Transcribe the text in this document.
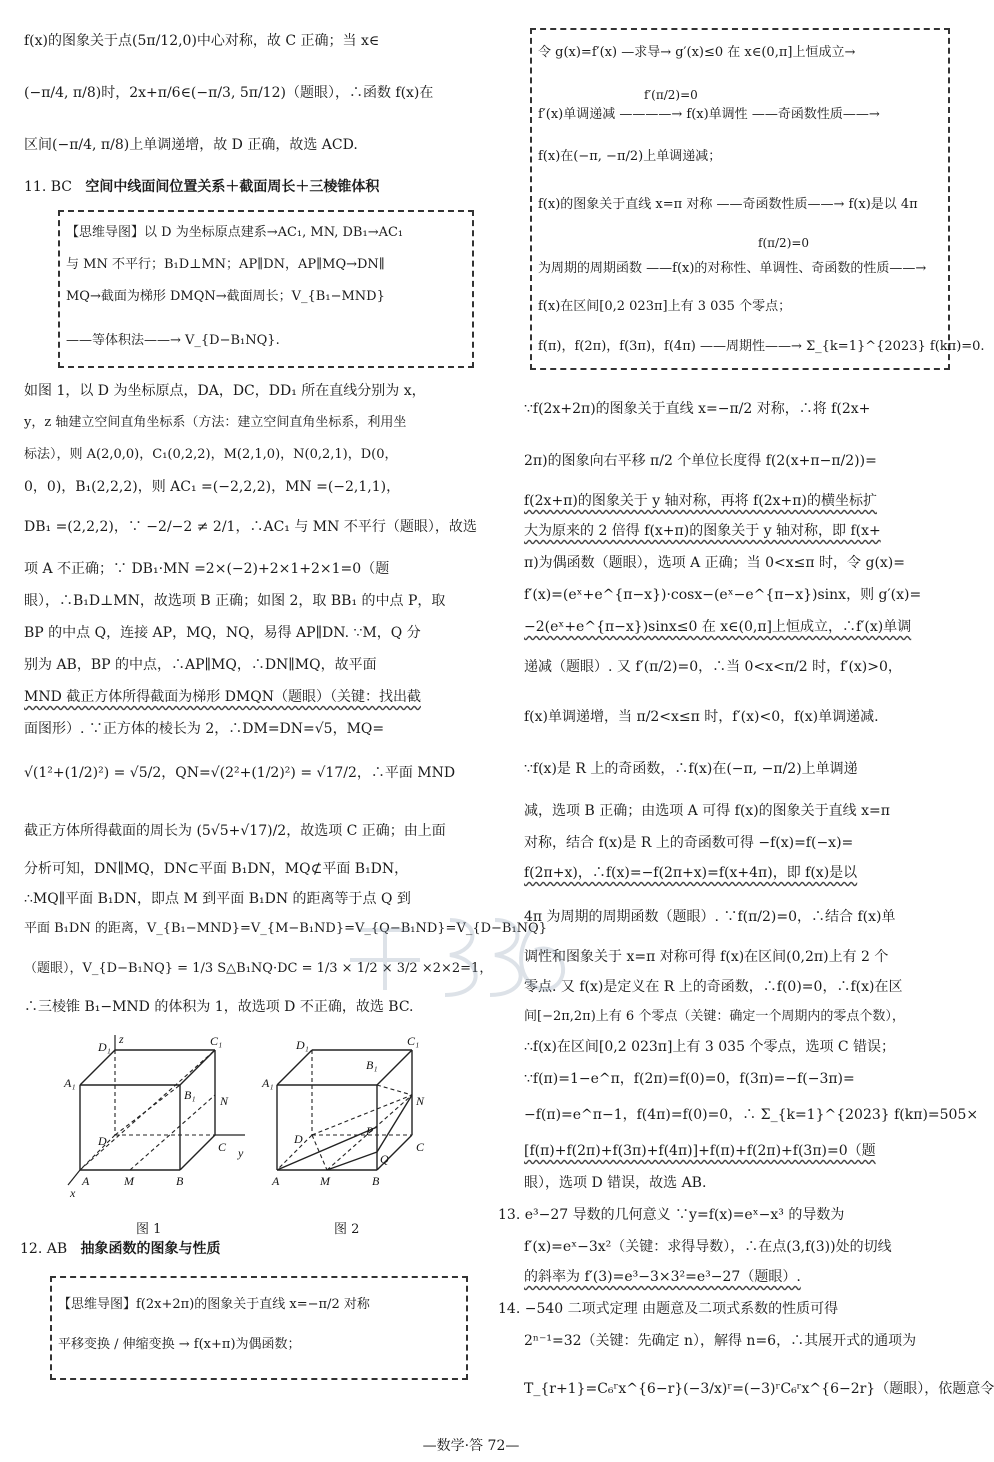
f(x)的图象关于点(5π/12,0)中心对称，故 C 正确；当 x∈
(−π/4, π/8)时，2x+π/6∈(−π/3, 5π/12)（题眼），∴函数 f(x)在
区间(−π/4, π/8)上单调递增，故 D 正确，故选 ACD.
11. BC 空间中线面间位置关系＋截面周长＋三棱锥体积
【思维导图】以 D 为坐标原点建系→AC₁, MN, DB₁→AC₁
与 MN 不平行；B₁D⊥MN；AP∥DN，AP∥MQ→DN∥
MQ→截面为梯形 DMQN→截面周长；V_{B₁−MND}
——等体积法——→ V_{D−B₁NQ}.
如图 1，以 D 为坐标原点，DA，DC，DD₁ 所在直线分别为 x，
y，z 轴建立空间直角坐标系（方法：建立空间直角坐标系，利用坐
标法），则 A(2,0,0)，C₁(0,2,2)，M(2,1,0)，N(0,2,1)，D(0，
0，0)，B₁(2,2,2)，则 AC₁ =(−2,2,2)，MN =(−2,1,1)，
DB₁ =(2,2,2)，∵ −2/−2 ≠ 2/1，∴AC₁ 与 MN 不平行（题眼），故选
项 A 不正确；∵ DB₁·MN =2×(−2)+2×1+2×1=0（题
眼），∴B₁D⊥MN，故选项 B 正确；如图 2，取 BB₁ 的中点 P，取
BP 的中点 Q，连接 AP，MQ，NQ，易得 AP∥DN. ∵M，Q 分
别为 AB，BP 的中点，∴AP∥MQ，∴DN∥MQ，故平面
MND 截正方体所得截面为梯形 DMQN（题眼）（关键：找出截
面图形）. ∵正方体的棱长为 2，∴DM=DN=√5，MQ=
√(1²+(1/2)²) = √5/2，QN=√(2²+(1/2)²) = √17/2，∴平面 MND
截正方体所得截面的周长为 (5√5+√17)/2，故选项 C 正确；由上面
分析可知，DN∥MQ，DN⊂平面 B₁DN，MQ⊄平面 B₁DN，
∴MQ∥平面 B₁DN，即点 M 到平面 B₁DN 的距离等于点 Q 到
平面 B₁DN 的距离，V_{B₁−MND}=V_{M−B₁ND}=V_{Q−B₁ND}=V_{D−B₁NQ}
（题眼），V_{D−B₁NQ} = 1/3 S△B₁NQ·DC = 1/3 × 1/2 × 3/2 ×2×2=1，
∴三棱锥 B₁−MND 的体积为 1，故选项 D 不正确，故选 BC.
z
D₁	C₁
A₁
B₁ N
D	C y
A	M	B
x
图 1
D₁	C₁
B₁
A₁
N
D
C
P
Q
A	M	B
图 2
12. AB 抽象函数的图象与性质
【思维导图】f(2x+2π)的图象关于直线 x=−π/2 对称
平移变换 / 伸缩变换 → f(x+π)为偶函数；
令 g(x)=f′(x) —求导→ g′(x)≤0 在 x∈(0,π]上恒成立→
f′(π/2)=0
f′(x)单调递减 ————→ f(x)单调性 ——奇函数性质——→
f(x)在(−π, −π/2)上单调递减；
f(x)的图象关于直线 x=π 对称 ——奇函数性质——→ f(x)是以 4π
f(π/2)=0
为周期的周期函数 ——f(x)的对称性、单调性、奇函数的性质——→
f(x)在区间[0,2 023π]上有 3 035 个零点；
f(π)，f(2π)，f(3π)，f(4π) ——周期性——→ Σ_{k=1}^{2023} f(kπ)=0.
∵f(2x+2π)的图象关于直线 x=−π/2 对称，∴将 f(2x+
2π)的图象向右平移 π/2 个单位长度得 f(2(x+π−π/2))=
f(2x+π)的图象关于 y 轴对称，再将 f(2x+π)的横坐标扩
大为原来的 2 倍得 f(x+π)的图象关于 y 轴对称，即 f(x+
π)为偶函数（题眼），选项 A 正确；当 0<x≤π 时，令 g(x)=
f′(x)=(eˣ+e^{π−x})·cosx−(eˣ−e^{π−x})sinx，则 g′(x)=
−2(eˣ+e^{π−x})sinx≤0 在 x∈(0,π]上恒成立，∴f′(x)单调
递减（题眼）. 又 f′(π/2)=0，∴当 0<x<π/2 时，f′(x)>0，
f(x)单调递增，当 π/2<x≤π 时，f′(x)<0，f(x)单调递减.
∵f(x)是 R 上的奇函数，∴f(x)在(−π, −π/2)上单调递
减，选项 B 正确；由选项 A 可得 f(x)的图象关于直线 x=π
对称，结合 f(x)是 R 上的奇函数可得 −f(x)=f(−x)=
f(2π+x)，∴f(x)=−f(2π+x)=f(x+4π)，即 f(x)是以
4π 为周期的周期函数（题眼）. ∵f(π/2)=0，∴结合 f(x)单
调性和图象关于 x=π 对称可得 f(x)在区间(0,2π)上有 2 个
零点. 又 f(x)是定义在 R 上的奇函数，∴f(0)=0，∴f(x)在区
间[−2π,2π)上有 6 个零点（关键：确定一个周期内的零点个数），
∴f(x)在区间[0,2 023π]上有 3 035 个零点，选项 C 错误；
∵f(π)=1−e^π，f(2π)=f(0)=0，f(3π)=−f(−3π)=
−f(π)=e^π−1，f(4π)=f(0)=0，∴ Σ_{k=1}^{2023} f(kπ)=505×
[f(π)+f(2π)+f(3π)+f(4π)]+f(π)+f(2π)+f(3π)=0（题
眼），选项 D 错误，故选 AB.
13. e³−27 导数的几何意义 ∵y=f(x)=eˣ−x³ 的导数为
f′(x)=eˣ−3x²（关键：求得导数），∴在点(3,f(3))处的切线
的斜率为 f′(3)=e³−3×3²=e³−27（题眼）.
14. −540 二项式定理 由题意及二项式系数的性质可得
2ⁿ⁻¹=32（关键：先确定 n），解得 n=6，∴其展开式的通项为
T_{r+1}=C₆ʳx^{6−r}(−3/x)ʳ=(−3)ʳC₆ʳx^{6−2r}（题眼），依题意令
—数学·答 72—
